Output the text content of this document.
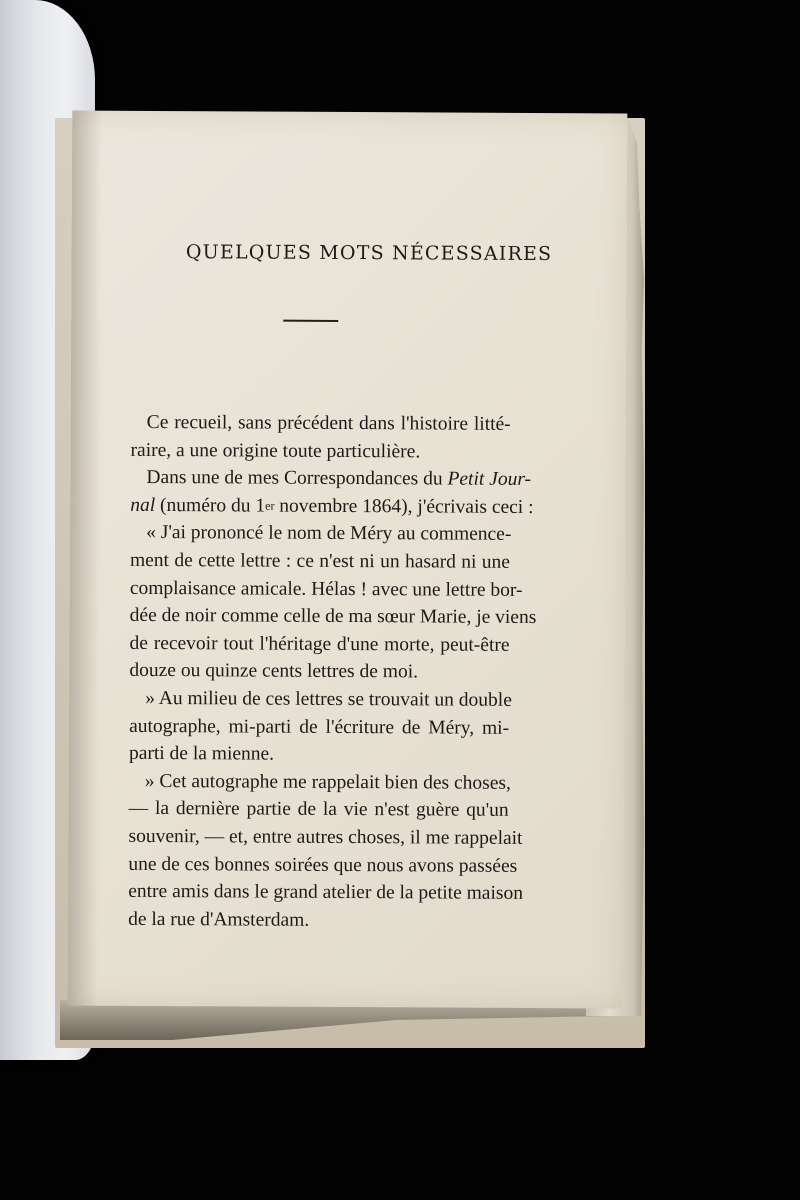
QUELQUES MOTS NÉCESSAIRES
Ce recueil, sans précédent dans l'histoire litté-
raire, a une origine toute particulière.
Dans une de mes Correspondances du Petit Jour-
nal (numéro du 1er novembre 1864), j'écrivais ceci :
« J'ai prononcé le nom de Méry au commence-
ment de cette lettre : ce n'est ni un hasard ni une
complaisance amicale. Hélas ! avec une lettre bor-
dée de noir comme celle de ma sœur Marie, je viens
de recevoir tout l'héritage d'une morte, peut-être
douze ou quinze cents lettres de moi.
» Au milieu de ces lettres se trouvait un double
autographe, mi-parti de l'écriture de Méry, mi-
parti de la mienne.
» Cet autographe me rappelait bien des choses,
— la dernière partie de la vie n'est guère qu'un
souvenir, — et, entre autres choses, il me rappelait
une de ces bonnes soirées que nous avons passées
entre amis dans le grand atelier de la petite maison
de la rue d'Amsterdam.
